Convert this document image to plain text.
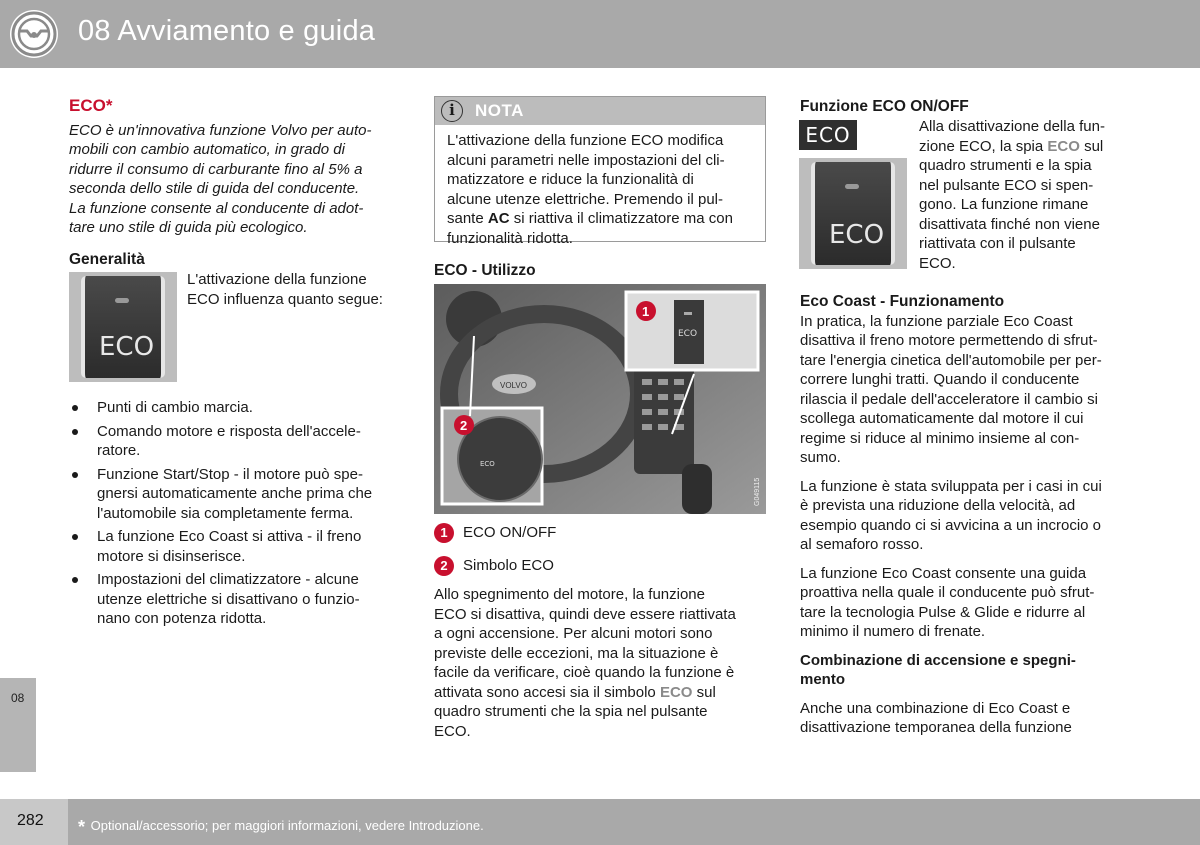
08 Avviamento e guida
08
ECO*
ECO è un'innovativa funzione Volvo per auto-
mobili con cambio automatico, in grado di
ridurre il consumo di carburante fino al 5% a
seconda dello stile di guida del conducente.
La funzione consente al conducente di adot-
tare uno stile di guida più ecologico.
Generalità
ECO
L'attivazione della funzione
ECO influenza quanto segue:
Punti di cambio marcia.
Comando motore e risposta dell'accele-
ratore.
Funzione Start/Stop - il motore può spe-
gnersi automaticamente anche prima che
l'automobile sia completamente ferma.
La funzione Eco Coast si attiva - il freno
motore si disinserisce.
Impostazioni del climatizzatore - alcune
utenze elettriche si disattivano o funzio-
nano con potenza ridotta.
i	NOTA
L'attivazione della funzione ECO modifica
alcuni parametri nelle impostazioni del cli-
matizzatore e riduce la funzionalità di
alcune utenze elettriche. Premendo il pul-
sante AC si riattiva il climatizzatore ma con
funzionalità ridotta.
ECO - Utilizzo
VOLVO
ECO
ECO
1
2
G049115
1 ECO ON/OFF
2 Simbolo ECO
Allo spegnimento del motore, la funzione
ECO si disattiva, quindi deve essere riattivata
a ogni accensione. Per alcuni motori sono
previste delle eccezioni, ma la situazione è
facile da verificare, cioè quando la funzione è
attivata sono accesi sia il simbolo ECO sul
quadro strumenti che la spia nel pulsante
ECO.
Funzione ECO ON/OFF
ECO
ECO
Alla disattivazione della fun-
zione ECO, la spia ECO sul
quadro strumenti e la spia
nel pulsante ECO si spen-
gono. La funzione rimane
disattivata finché non viene
riattivata con il pulsante
ECO.
Eco Coast - Funzionamento
In pratica, la funzione parziale Eco Coast
disattiva il freno motore permettendo di sfrut-
tare l'energia cinetica dell'automobile per per-
correre lunghi tratti. Quando il conducente
rilascia il pedale dell'acceleratore il cambio si
scollega automaticamente dal motore il cui
regime si riduce al minimo insieme al con-
sumo.
La funzione è stata sviluppata per i casi in cui
è prevista una riduzione della velocità, ad
esempio quando ci si avvicina a un incrocio o
al semaforo rosso.
La funzione Eco Coast consente una guida
proattiva nella quale il conducente può sfrut-
tare la tecnologia Pulse & Glide e ridurre al
minimo il numero di frenate.
Combinazione di accensione e spegni-
mento
Anche una combinazione di Eco Coast e
disattivazione temporanea della funzione
282 * Optional/accessorio; per maggiori informazioni, vedere Introduzione.
